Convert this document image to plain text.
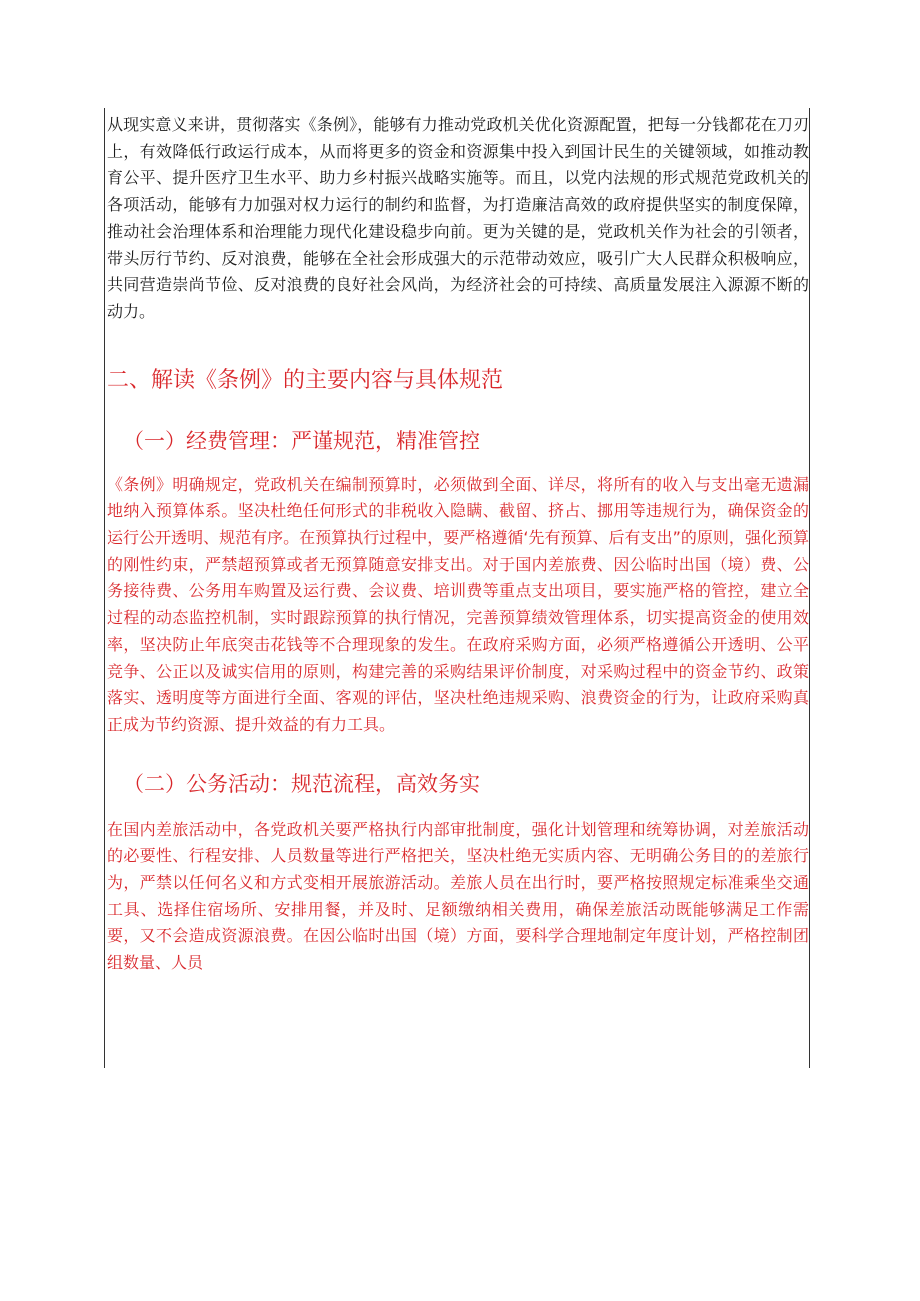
从现实意义来讲，贯彻落实《条例》，能够有力推动党政机关优化资源配置，把每一分钱都花在刀刃上，有效降低行政运行成本，从而将更多的资金和资源集中投入到国计民生的关键领域，如推动教育公平、提升医疗卫生水平、助力乡村振兴战略实施等。而且，以党内法规的形式规范党政机关的各项活动，能够有力加强对权力运行的制约和监督，为打造廉洁高效的政府提供坚实的制度保障，推动社会治理体系和治理能力现代化建设稳步向前。更为关键的是，党政机关作为社会的引领者，带头厉行节约、反对浪费，能够在全社会形成强大的示范带动效应，吸引广大人民群众积极响应，共同营造崇尚节俭、反对浪费的良好社会风尚，为经济社会的可持续、高质量发展注入源源不断的动力。

二、解读《条例》的主要内容与具体规范
（一）经费管理：严谨规范，精准管控

《条例》明确规定，党政机关在编制预算时，必须做到全面、详尽，将所有的收入与支出毫无遗漏地纳入预算体系。坚决杜绝任何形式的非税收入隐瞒、截留、挤占、挪用等违规行为，确保资金的运行公开透明、规范有序。在预算执行过程中，要严格遵循‘先有预算、后有支出”的原则，强化预算的刚性约束，严禁超预算或者无预算随意安排支出。对于国内差旅费、因公临时出国（境）费、公务接待费、公务用车购置及运行费、会议费、培训费等重点支出项目，要实施严格的管控，建立全过程的动态监控机制，实时跟踪预算的执行情况，完善预算绩效管理体系，切实提高资金的使用效率，坚决防止年底突击花钱等不合理现象的发生。在政府采购方面，必须严格遵循公开透明、公平竞争、公正以及诚实信用的原则，构建完善的采购结果评价制度，对采购过程中的资金节约、政策落实、透明度等方面进行全面、客观的评估，坚决杜绝违规采购、浪费资金的行为，让政府采购真正成为节约资源、提升效益的有力工具。

（二）公务活动：规范流程，高效务实

在国内差旅活动中，各党政机关要严格执行内部审批制度，强化计划管理和统筹协调，对差旅活动的必要性、行程安排、人员数量等进行严格把关，坚决杜绝无实质内容、无明确公务目的的差旅行为，严禁以任何名义和方式变相开展旅游活动。差旅人员在出行时，要严格按照规定标准乘坐交通工具、选择住宿场所、安排用餐，并及时、足额缴纳相关费用，确保差旅活动既能够满足工作需要，又不会造成资源浪费。在因公临时出国（境）方面，要科学合理地制定年度计划，严格控制团组数量、人员
